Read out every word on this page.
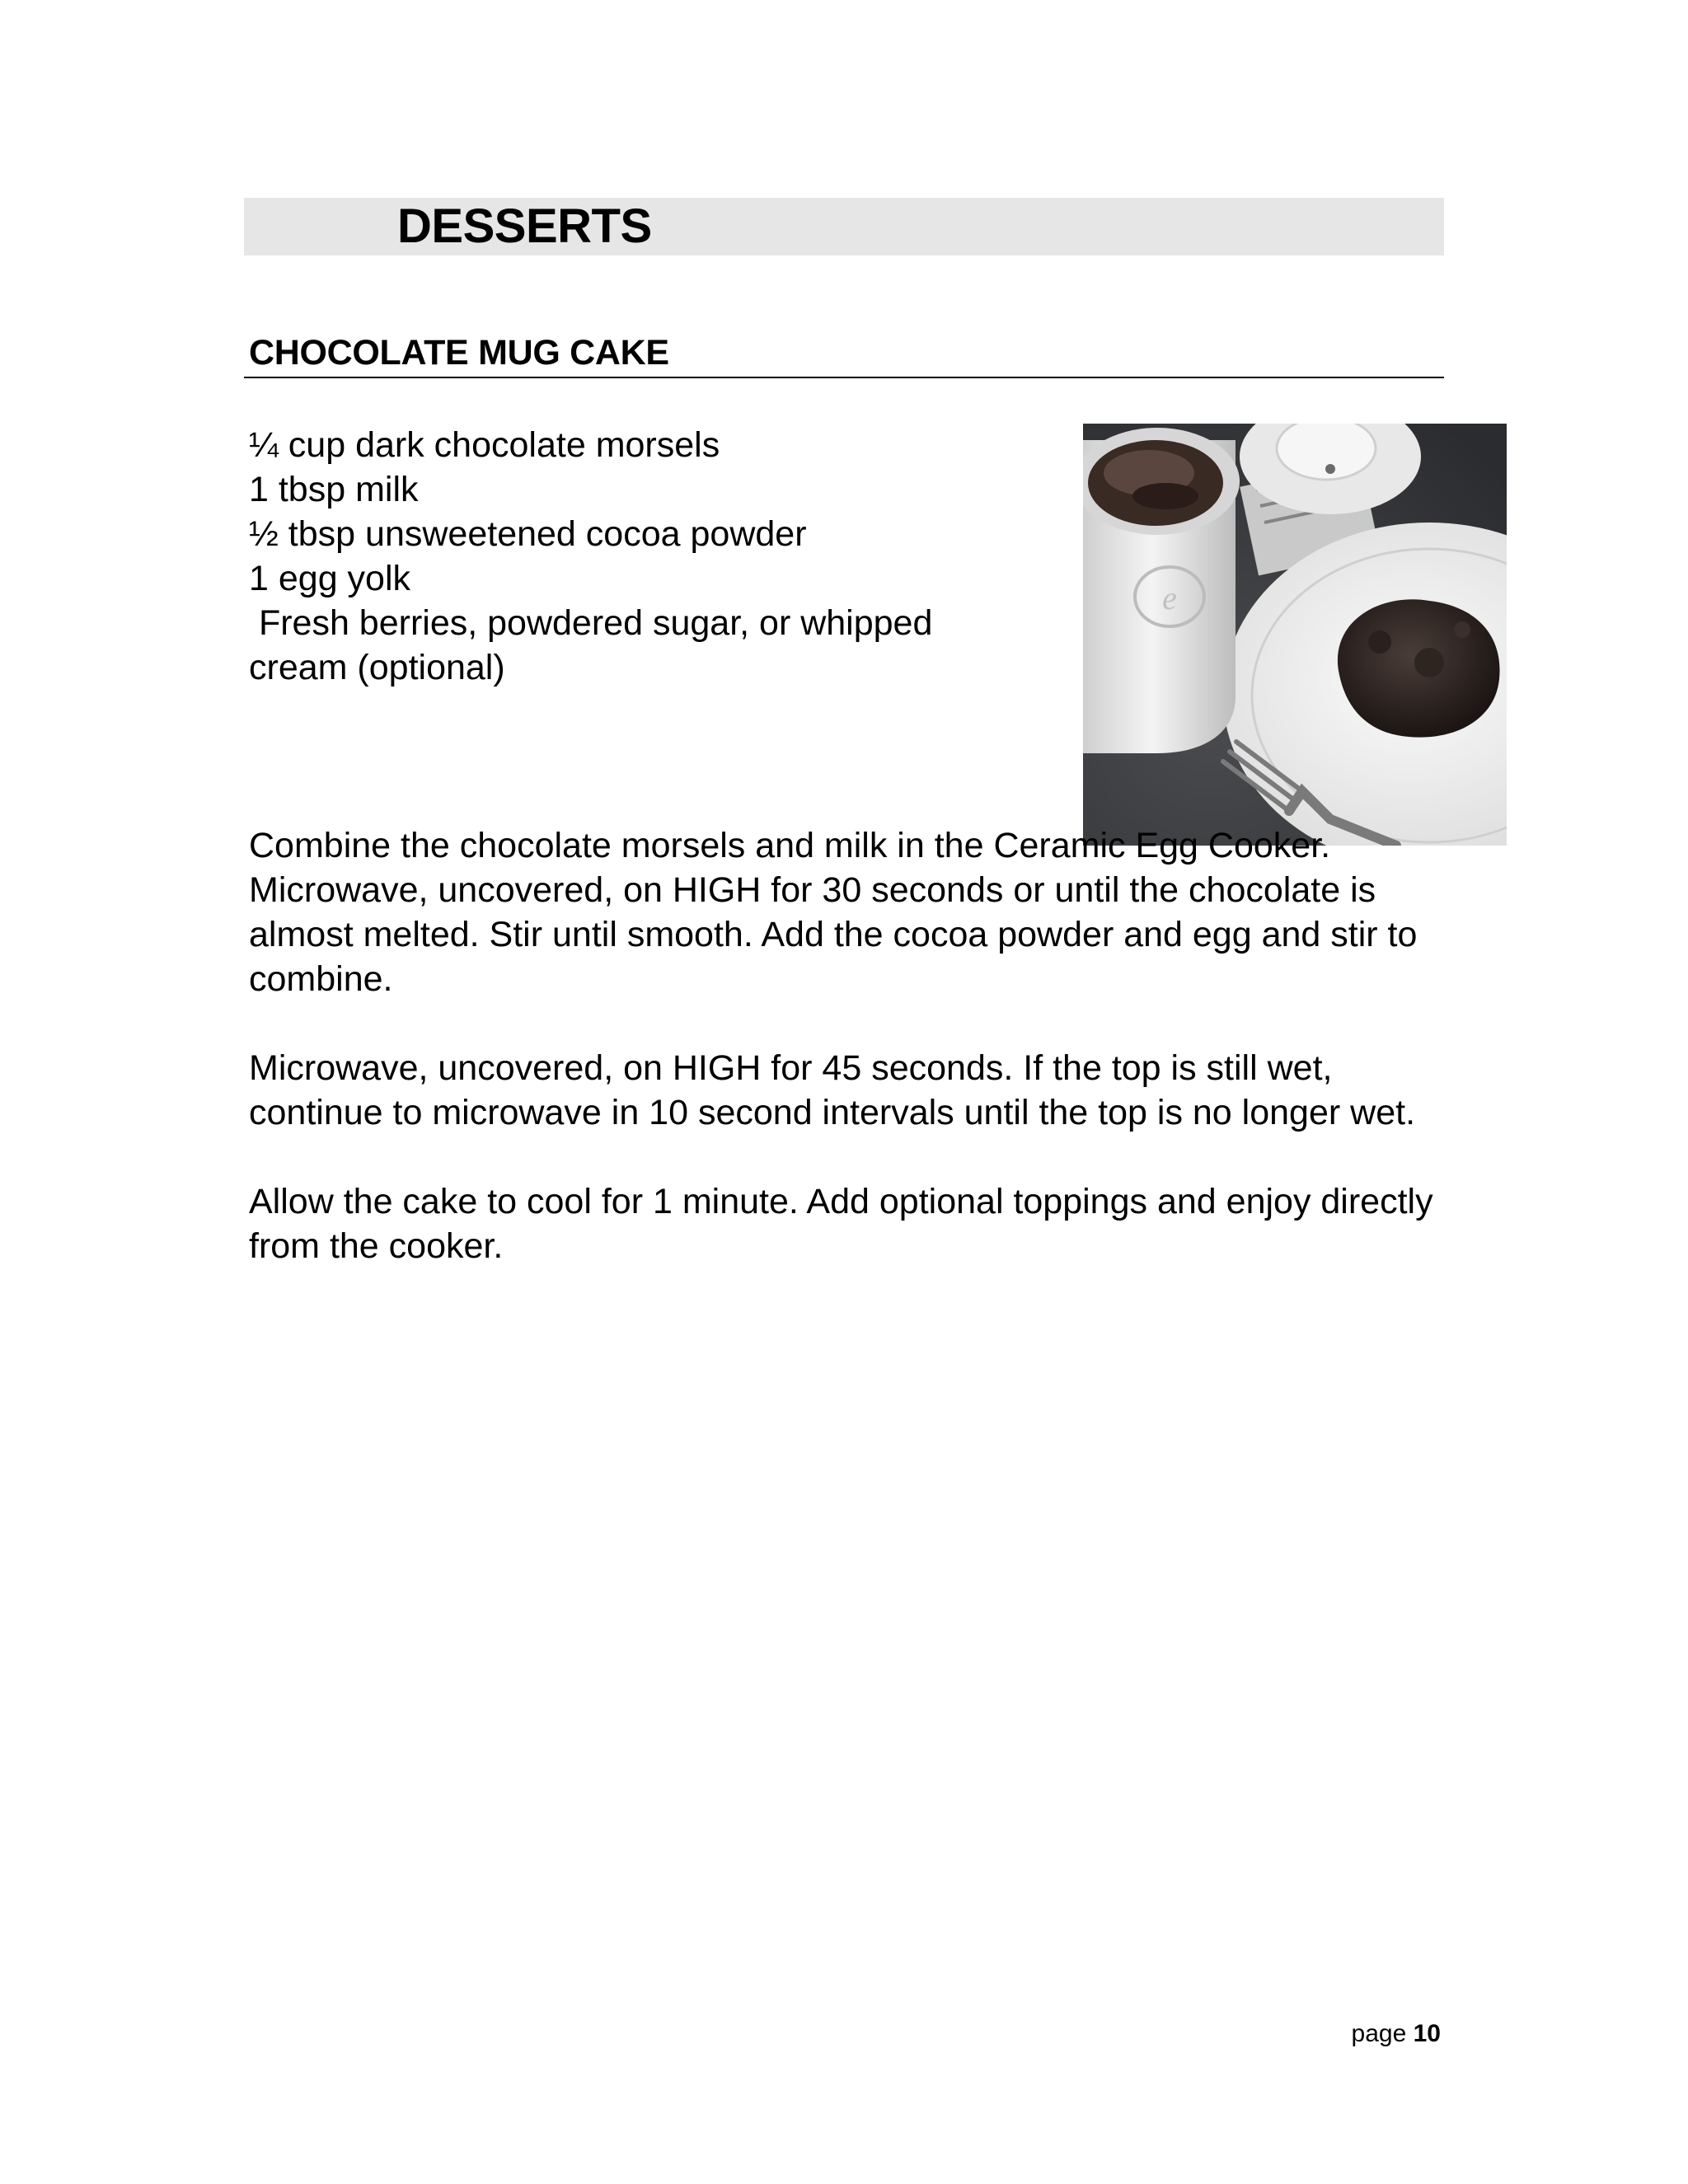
DESSERTS
CHOCOLATE MUG CAKE
¼ cup dark chocolate morsels
1 tbsp milk
½ tbsp unsweetened cocoa powder
1 egg yolk
Fresh berries, powdered sugar, or whipped
cream (optional)
e

Combine the chocolate morsels and milk in the Ceramic Egg Cooker. Microwave, uncovered, on HIGH for 30 seconds or until the chocolate is almost melted. Stir until smooth. Add the cocoa powder and egg and stir to combine.

Microwave, uncovered, on HIGH for 45 seconds. If the top is still wet, continue to microwave in 10 second intervals until the top is no longer wet.

Allow the cake to cool for 1 minute. Add optional toppings and enjoy directly from the cooker.

page 10
